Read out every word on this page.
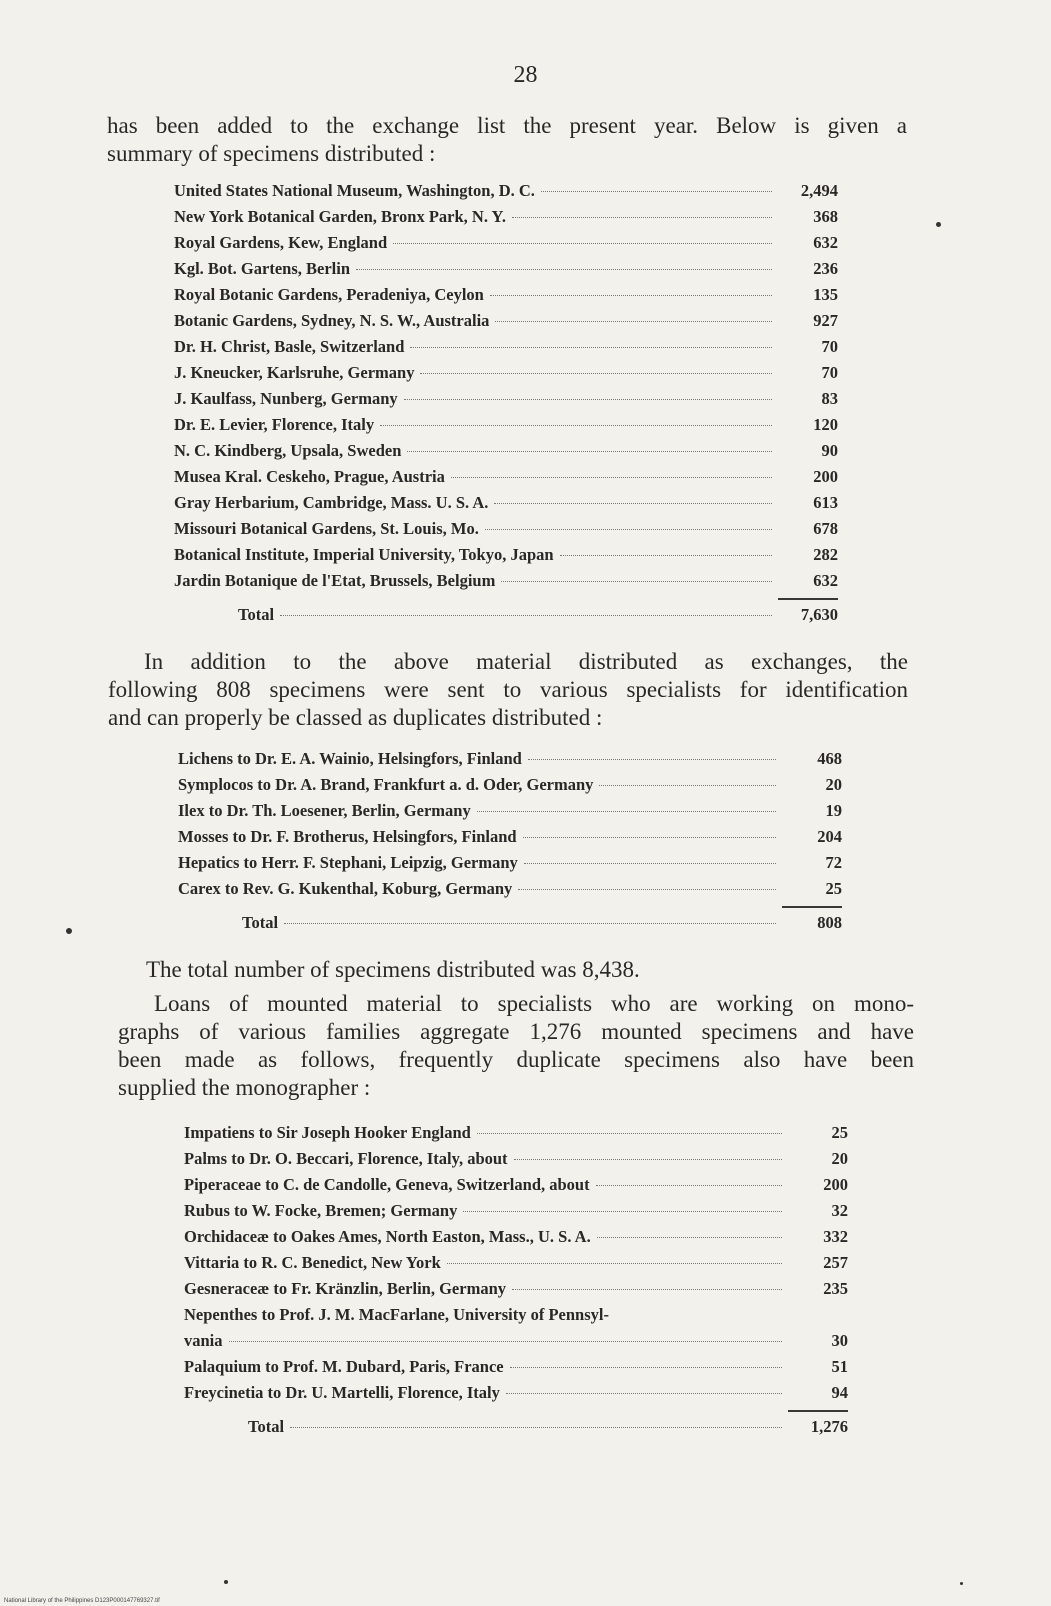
28
has been added to the exchange list the present year. Below is given a
summary of specimens distributed :
United States National Museum, Washington, D. C.	2,494
New York Botanical Garden, Bronx Park, N. Y.	368
Royal Gardens, Kew, England	632
Kgl. Bot. Gartens, Berlin	236
Royal Botanic Gardens, Peradeniya, Ceylon	135
Botanic Gardens, Sydney, N. S. W., Australia	927
Dr. H. Christ, Basle, Switzerland	70
J. Kneucker, Karlsruhe, Germany	70
J. Kaulfass, Nunberg, Germany	83
Dr. E. Levier, Florence, Italy	120
N. C. Kindberg, Upsala, Sweden	90
Musea Kral. Ceskeho, Prague, Austria	200
Gray Herbarium, Cambridge, Mass. U. S. A.	613
Missouri Botanical Gardens, St. Louis, Mo.	678
Botanical Institute, Imperial University, Tokyo, Japan	282
Jardin Botanique de l'Etat, Brussels, Belgium	632
Total	7,630
In addition to the above material distributed as exchanges, the
following 808 specimens were sent to various specialists for identification
and can properly be classed as duplicates distributed :
Lichens to Dr. E. A. Wainio, Helsingfors, Finland	468
Symplocos to Dr. A. Brand, Frankfurt a. d. Oder, Germany	20
Ilex to Dr. Th. Loesener, Berlin, Germany	19
Mosses to Dr. F. Brotherus, Helsingfors, Finland	204
Hepatics to Herr. F. Stephani, Leipzig, Germany	72
Carex to Rev. G. Kukenthal, Koburg, Germany	25
Total	808
The total number of specimens distributed was 8,438.
Loans of mounted material to specialists who are working on mono-
graphs of various families aggregate 1,276 mounted specimens and have
been made as follows, frequently duplicate specimens also have been
supplied the monographer :
Impatiens to Sir Joseph Hooker England	25
Palms to Dr. O. Beccari, Florence, Italy, about	20
Piperaceae to C. de Candolle, Geneva, Switzerland, about	200
Rubus to W. Focke, Bremen; Germany	32
Orchidaceæ to Oakes Ames, North Easton, Mass., U. S. A.	332
Vittaria to R. C. Benedict, New York	257
Gesneraceæ to Fr. Kränzlin, Berlin, Germany	235
Nepenthes to Prof. J. M. MacFarlane, University of Pennsyl-
vania	30
Palaquium to Prof. M. Dubard, Paris, France	51
Freycinetia to Dr. U. Martelli, Florence, Italy	94
Total	1,276
National Library of the Philippines D123P000147769327.tif
